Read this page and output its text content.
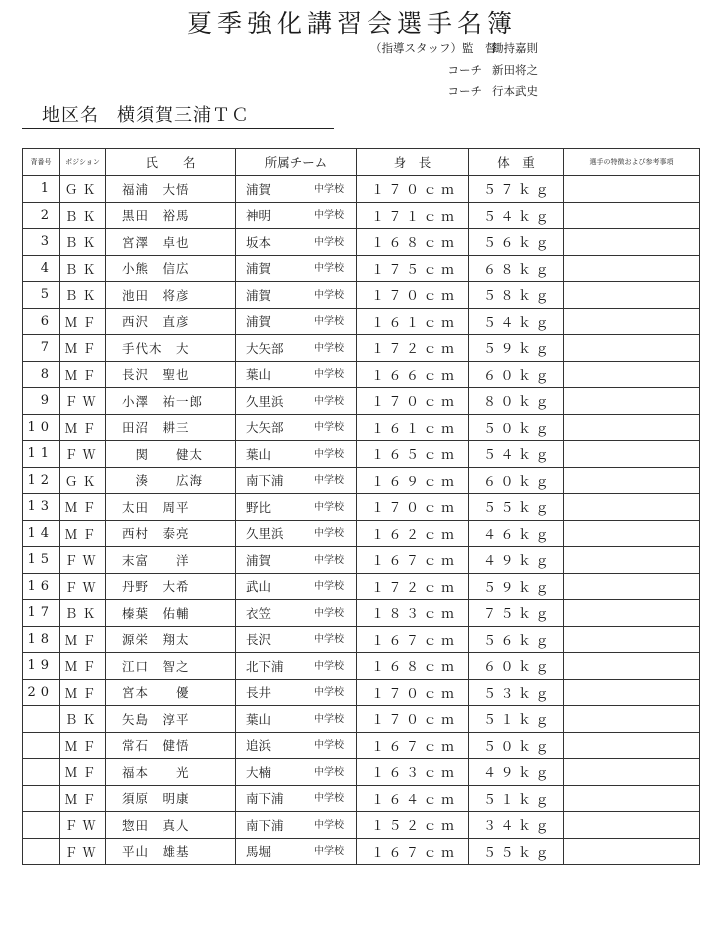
夏季強化講習会選手名簿
（指導スタッフ）監　督
鋤持嘉則
コーチ 新田将之
コーチ 行本武史
地区名 横須賀三浦ＴＣ
背番号	ポジション	氏　　名	所属チーム	身　長	体　重	選手の特徴および参考事項
1	ＧＫ	福浦　大悟	浦賀 中学校	１７０ｃｍ	５７ｋｇ	
2	ＢＫ	黒田　裕馬	神明 中学校	１７１ｃｍ	５４ｋｇ	
3	ＢＫ	宮澤　卓也	坂本 中学校	１６８ｃｍ	５６ｋｇ	
4	ＢＫ	小熊　信広	浦賀 中学校	１７５ｃｍ	６８ｋｇ	
5	ＢＫ	池田　将彦	浦賀 中学校	１７０ｃｍ	５８ｋｇ	
6	ＭＦ	西沢　直彦	浦賀 中学校	１６１ｃｍ	５４ｋｇ	
7	ＭＦ	手代木　大	大矢部 中学校	１７２ｃｍ	５９ｋｇ	
8	ＭＦ	長沢　聖也	葉山 中学校	１６６ｃｍ	６０ｋｇ	
9	ＦＷ	小澤　祐一郎	久里浜 中学校	１７０ｃｍ	８０ｋｇ	
10	ＭＦ	田沼　耕三	大矢部 中学校	１６１ｃｍ	５０ｋｇ	
11	ＦＷ	　関　　健太	葉山 中学校	１６５ｃｍ	５４ｋｇ	
12	ＧＫ	　湊　　広海	南下浦 中学校	１６９ｃｍ	６０ｋｇ	
13	ＭＦ	太田　周平	野比 中学校	１７０ｃｍ	５５ｋｇ	
14	ＭＦ	西村　泰亮	久里浜 中学校	１６２ｃｍ	４６ｋｇ	
15	ＦＷ	末富　　洋	浦賀 中学校	１６７ｃｍ	４９ｋｇ	
16	ＦＷ	丹野　大希	武山 中学校	１７２ｃｍ	５９ｋｇ	
17	ＢＫ	榛葉　佑輔	衣笠 中学校	１８３ｃｍ	７５ｋｇ	
18	ＭＦ	源栄　翔太	長沢 中学校	１６７ｃｍ	５６ｋｇ	
19	ＭＦ	江口　智之	北下浦 中学校	１６８ｃｍ	６０ｋｇ	
20	ＭＦ	宮本　　優	長井 中学校	１７０ｃｍ	５３ｋｇ	
	ＢＫ	矢島　淳平	葉山 中学校	１７０ｃｍ	５１ｋｇ	
	ＭＦ	常石　健悟	追浜 中学校	１６７ｃｍ	５０ｋｇ	
	ＭＦ	福本　　光	大楠 中学校	１６３ｃｍ	４９ｋｇ	
	ＭＦ	須原　明康	南下浦 中学校	１６４ｃｍ	５１ｋｇ	
	ＦＷ	惣田　真人	南下浦 中学校	１５２ｃｍ	３４ｋｇ	
	ＦＷ	平山　雄基	馬堀 中学校	１６７ｃｍ	５５ｋｇ	
